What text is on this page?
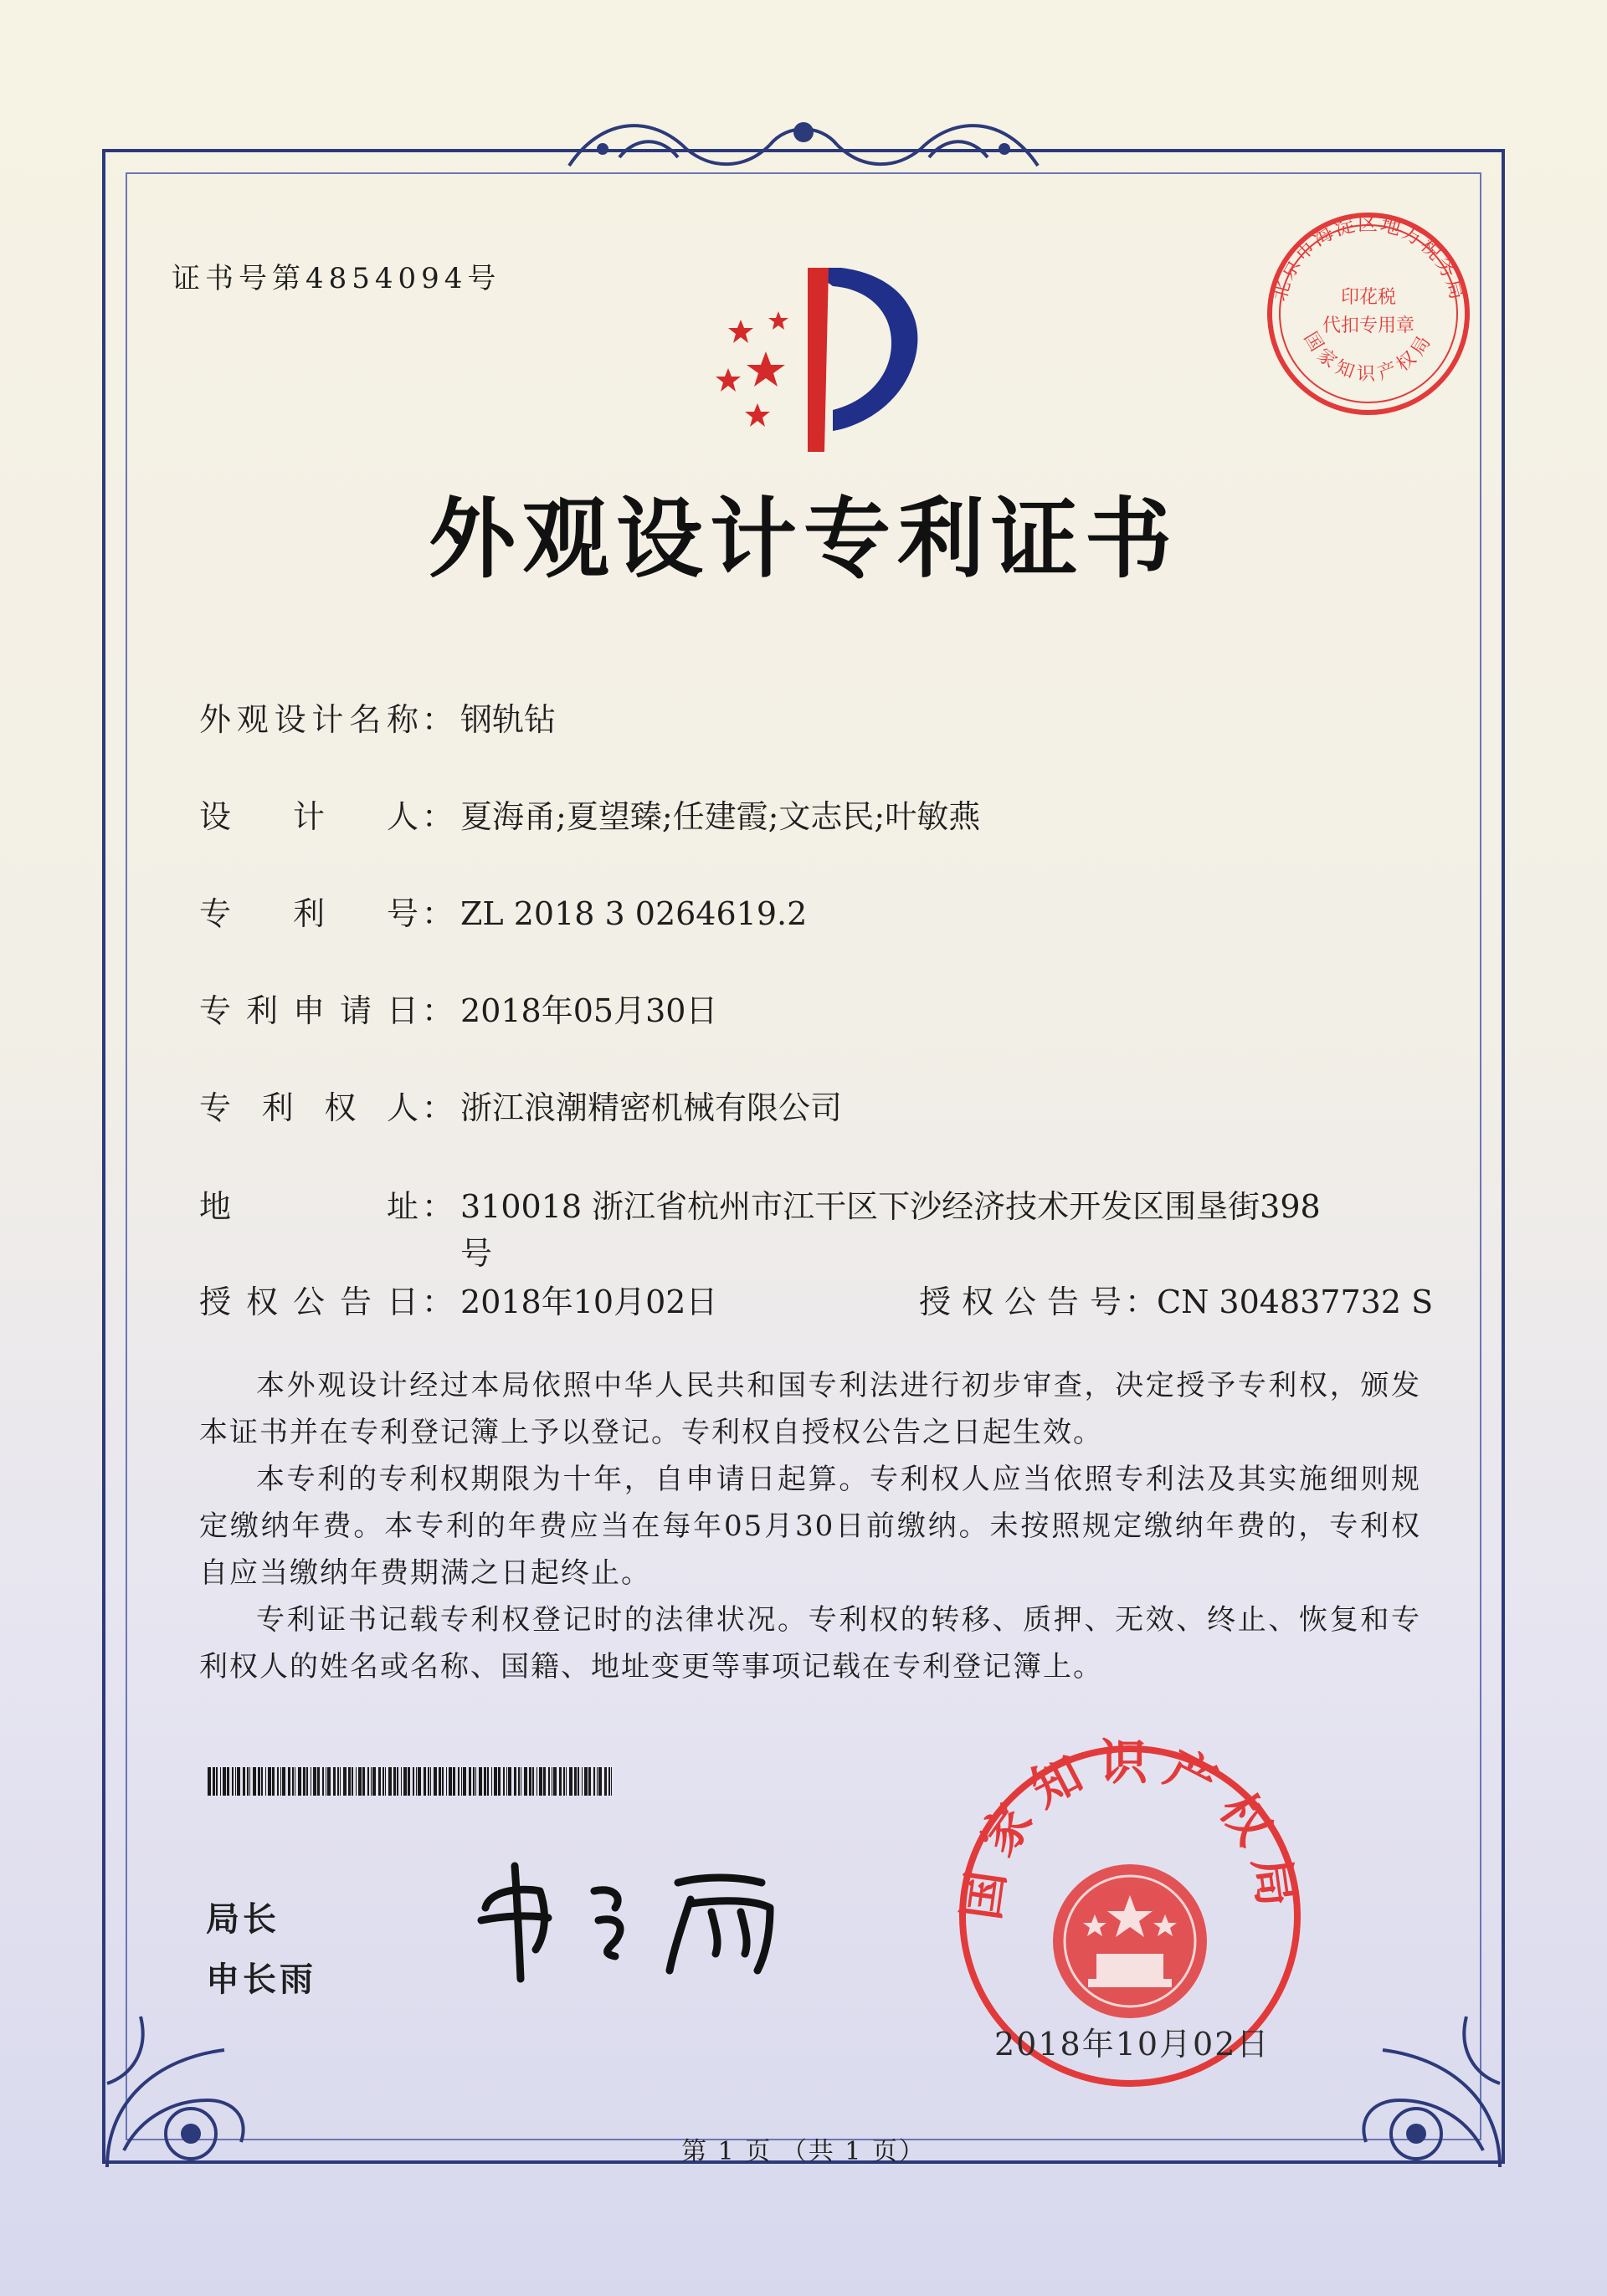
证书号第4854094号	北京市海淀区地方税务局
印花税
代扣专用章
国家知识产权局
外观设计专利证书
外观设计名称 ： 钢轨钻
设计人 ： 夏海甬;夏望臻;任建霞;文志民;叶敏燕
专利号 ： ZL 2018 3 0264619.2
专利申请日 ： 2018年05月30日
专利权人 ： 浙江浪潮精密机械有限公司
地址 ： 310018 浙江省杭州市江干区下沙经济技术开发区围垦街398号
授权公告日 ： 2018年10月02日	授权公告号 ：CN 304837732 S

本外观设计经过本局依照中华人民共和国专利法进行初步审查，决定授予专利权，颁发本证书并在专利登记簿上予以登记。专利权自授权公告之日起生效。

本专利的专利权期限为十年，自申请日起算。专利权人应当依照专利法及其实施细则规定缴纳年费。本专利的年费应当在每年05月30日前缴纳。未按照规定缴纳年费的，专利权自应当缴纳年费期满之日起终止。

专利证书记载专利权登记时的法律状况。专利权的转移、质押、无效、终止、恢复和专利权人的姓名或名称、国籍、地址变更等事项记载在专利登记簿上。

局长
申长雨
国家知识产权局
2018年10月02日
第 1 页 （共 1 页）
